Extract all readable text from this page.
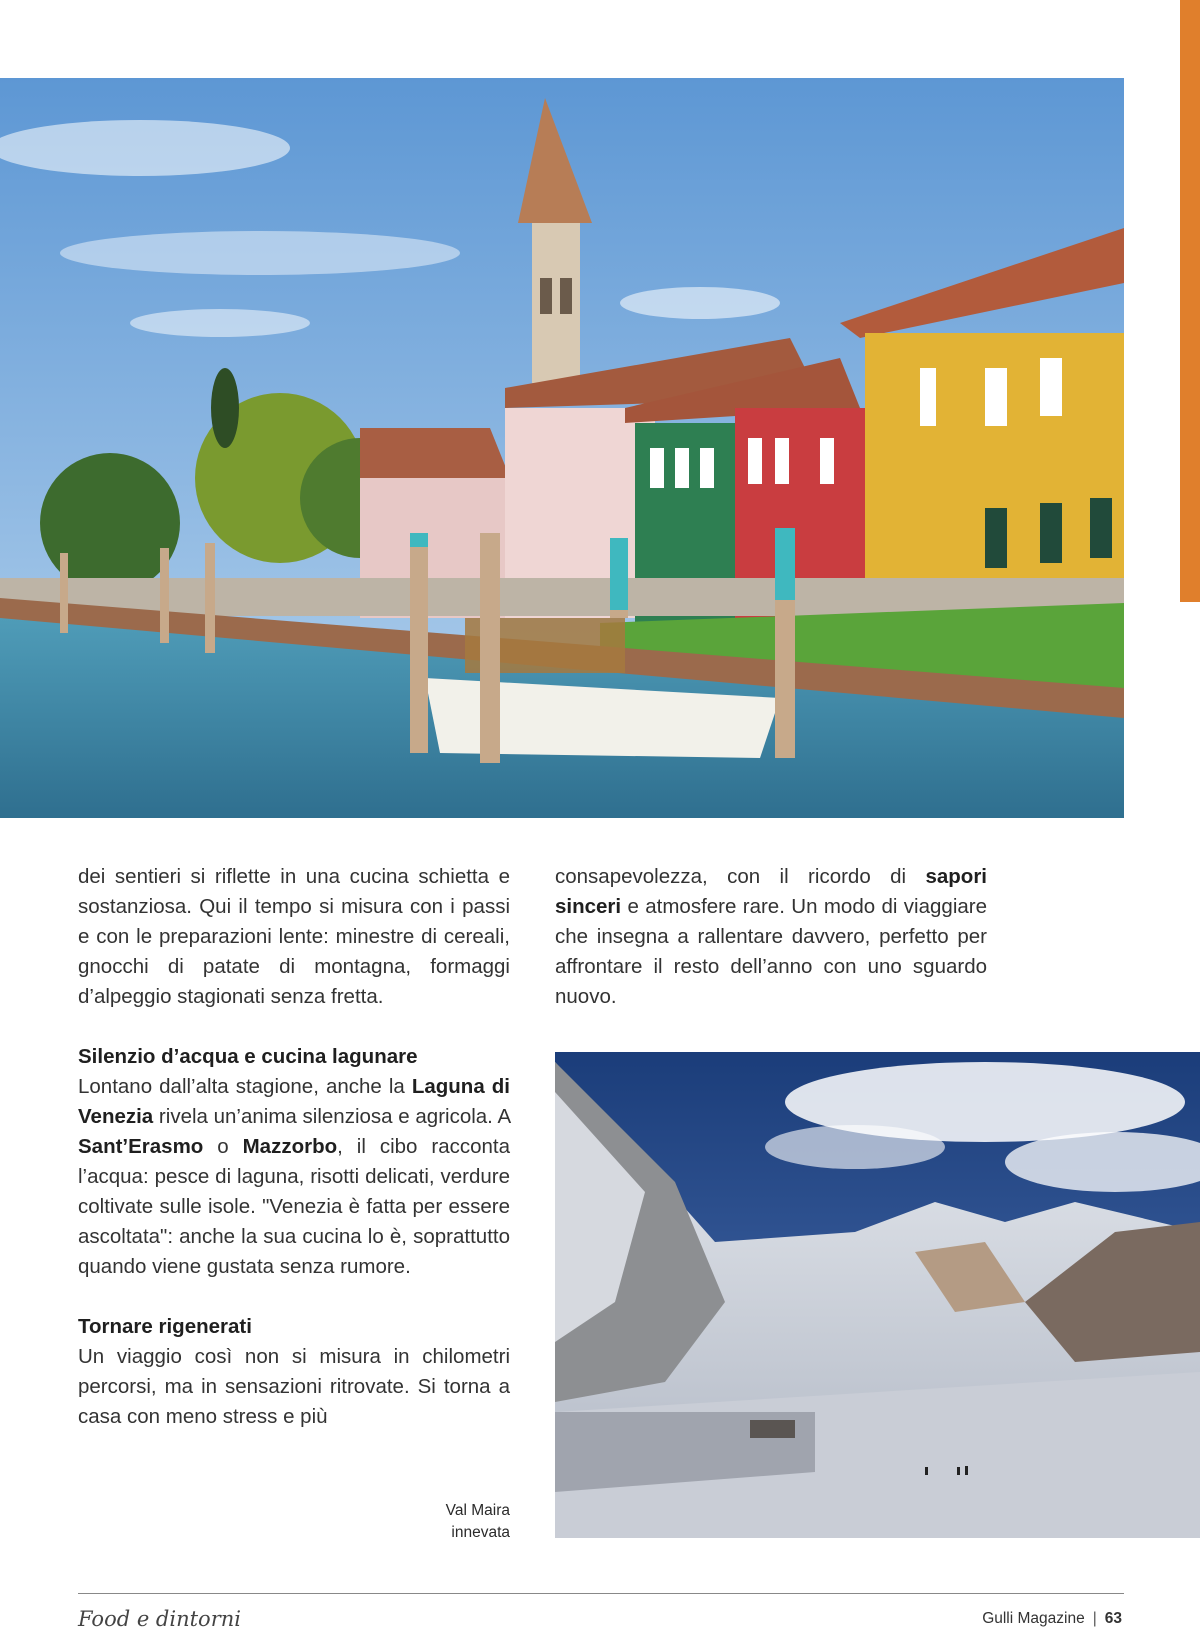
dei sentieri si riflette in una cucina schietta e sostanziosa. Qui il tempo si misura con i passi e con le preparazioni lente: minestre di cereali, gnocchi di patate di montagna, formaggi d’alpeggio stagionati senza fretta.

Silenzio d’acqua e cucina lagunare

Lontano dall’alta stagione, anche la Laguna di Venezia rivela un’anima silenziosa e agricola. A Sant’Erasmo o Mazzorbo, il cibo racconta l’acqua: pesce di laguna, risotti delicati, verdure coltivate sulle isole. "Venezia è fatta per essere ascoltata": anche la sua cucina lo è, soprattutto quando viene gustata senza rumore.

Tornare rigenerati

Un viaggio così non si misura in chilometri percorsi, ma in sensazioni ritrovate. Si torna a casa con meno stress e più

consapevolezza, con il ricordo di sapori sinceri e atmosfere rare. Un modo di viaggiare che insegna a rallentare davvero, perfetto per affrontare il resto dell’anno con uno sguardo nuovo.

Val Maira
innevata
Food e dintorni	Gulli Magazine | 63
